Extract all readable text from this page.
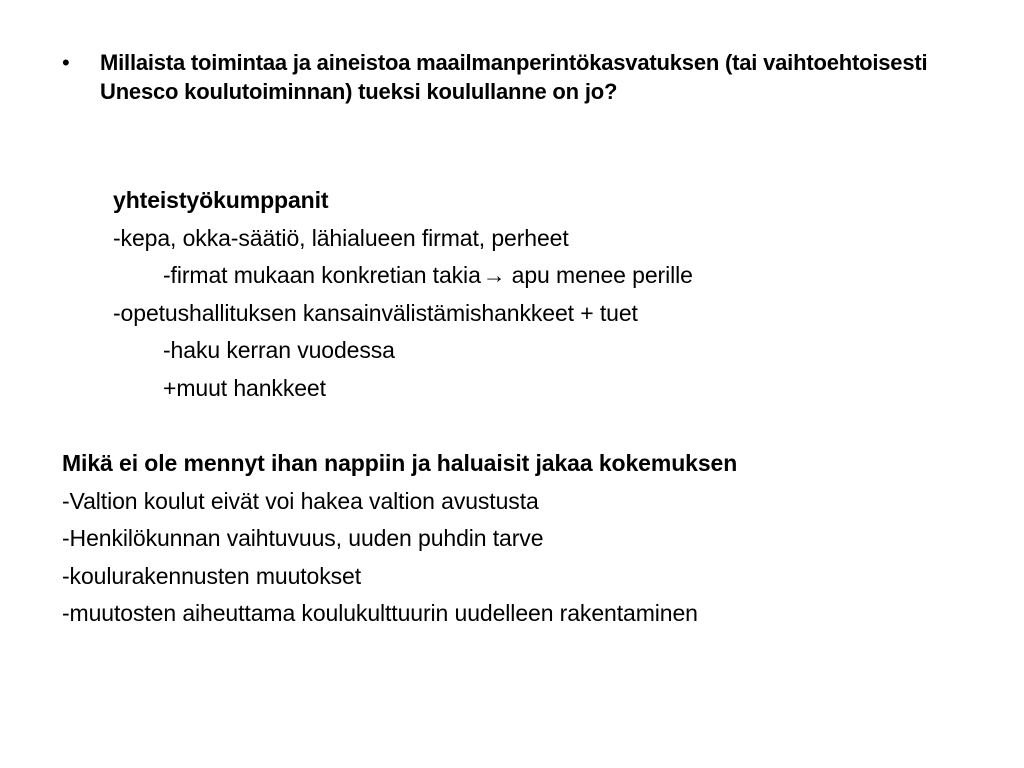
• Millaista toimintaa ja aineistoa maailmanperintökasvatuksen (tai vaihtoehtoisesti Unesco koulutoiminnan) tueksi koulullanne on jo?
yhteistyökumppanit
-kepa, okka-säätiö, lähialueen firmat, perheet
-firmat mukaan konkretian takia→ apu menee perille
-opetushallituksen kansainvälistämishankkeet + tuet
-haku kerran vuodessa
+muut hankkeet
Mikä ei ole mennyt ihan nappiin ja haluaisit jakaa kokemuksen
-Valtion koulut eivät voi hakea valtion avustusta
-Henkilökunnan vaihtuvuus, uuden puhdin tarve
-koulurakennusten muutokset
-muutosten aiheuttama koulukulttuurin uudelleen rakentaminen
